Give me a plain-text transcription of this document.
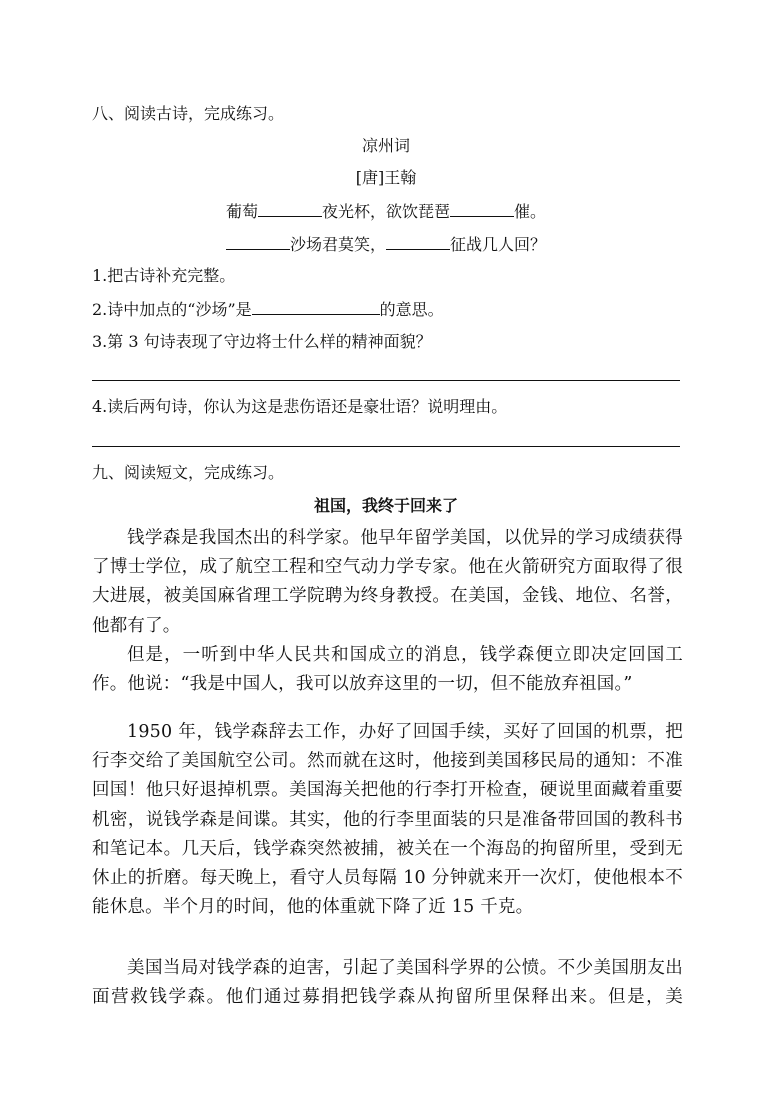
八、阅读古诗，完成练习。
凉州词
[唐]王翰
葡萄	夜光杯，欲饮琵琶	催。
沙场君莫笑，	征战几人回？
1.把古诗补充完整。
2.诗中加点的“沙场”是	的意思。
3.第 3 句诗表现了守边将士什么样的精神面貌？
4.读后两句诗，你认为这是悲伤语还是豪壮语？说明理由。
九、阅读短文，完成练习。
祖国，我终于回来了
钱学森是我国杰出的科学家。他早年留学美国，以优异的学习成绩获得了博士学位，成了航空工程和空气动力学专家。他在火箭研究方面取得了很大进展，被美国麻省理工学院聘为终身教授。在美国，金钱、地位、名誉，他都有了。
但是，一听到中华人民共和国成立的消息，钱学森便立即决定回国工作。他说：“我是中国人，我可以放弃这里的一切，但不能放弃祖国。”
1950 年，钱学森辞去工作，办好了回国手续，买好了回国的机票，把行李交给了美国航空公司。然而就在这时，他接到美国移民局的通知：不准回国！他只好退掉机票。美国海关把他的行李打开检查，硬说里面藏着重要机密，说钱学森是间谍。其实，他的行李里面装的只是准备带回国的教科书和笔记本。几天后，钱学森突然被捕，被关在一个海岛的拘留所里，受到无休止的折磨。每天晚上，看守人员每隔 10 分钟就来开一次灯，使他根本不能休息。半个月的时间，他的体重就下降了近 15 千克。
美国当局对钱学森的迫害，引起了美国科学界的公愤。不少美国朋友出面营救钱学森。他们通过募捐把钱学森从拘留所里保释出来。但是，美
